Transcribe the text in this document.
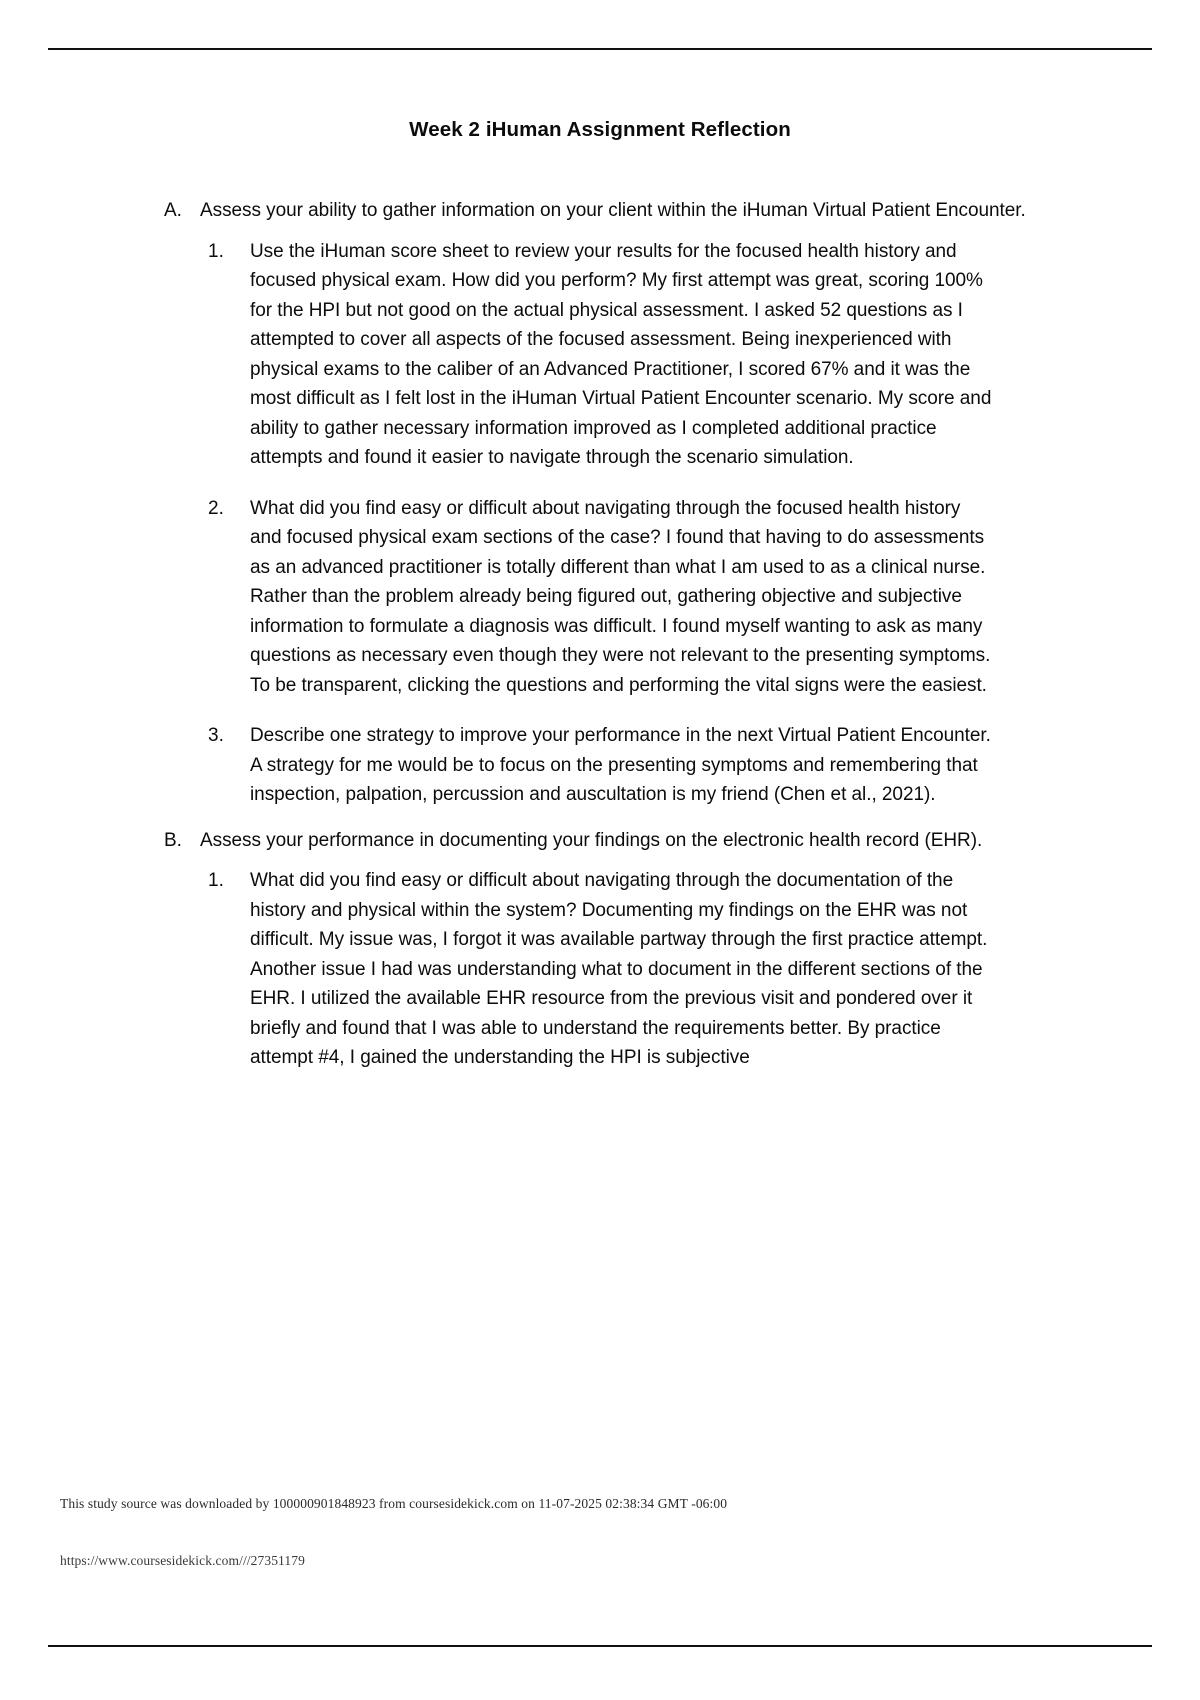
Week 2 iHuman Assignment Reflection
A. Assess your ability to gather information on your client within the iHuman Virtual Patient Encounter.

1. Use the iHuman score sheet to review your results for the focused health history and focused physical exam. How did you perform? My first attempt was great, scoring 100% for the HPI but not good on the actual physical assessment. I asked 52 questions as I attempted to cover all aspects of the focused assessment. Being inexperienced with physical exams to the caliber of an Advanced Practitioner, I scored 67% and it was the most difficult as I felt lost in the iHuman Virtual Patient Encounter scenario. My score and ability to gather necessary information improved as I completed additional practice attempts and found it easier to navigate through the scenario simulation.

2. What did you find easy or difficult about navigating through the focused health history and focused physical exam sections of the case? I found that having to do assessments as an advanced practitioner is totally different than what I am used to as a clinical nurse. Rather than the problem already being figured out, gathering objective and subjective information to formulate a diagnosis was difficult. I found myself wanting to ask as many questions as necessary even though they were not relevant to the presenting symptoms. To be transparent, clicking the questions and performing the vital signs were the easiest.

3. Describe one strategy to improve your performance in the next Virtual Patient Encounter. A strategy for me would be to focus on the presenting symptoms and remembering that inspection, palpation, percussion and auscultation is my friend (Chen et al., 2021).

B. Assess your performance in documenting your findings on the electronic health record (EHR).

1. What did you find easy or difficult about navigating through the documentation of the history and physical within the system? Documenting my findings on the EHR was not difficult. My issue was, I forgot it was available partway through the first practice attempt. Another issue I had was understanding what to document in the different sections of the EHR. I utilized the available EHR resource from the previous visit and pondered over it briefly and found that I was able to understand the requirements better. By practice attempt #4, I gained the understanding the HPI is subjective

This study source was downloaded by 100000901848923 from coursesidekick.com on 11-07-2025 02:38:34 GMT -06:00

https://www.coursesidekick.com///27351179
